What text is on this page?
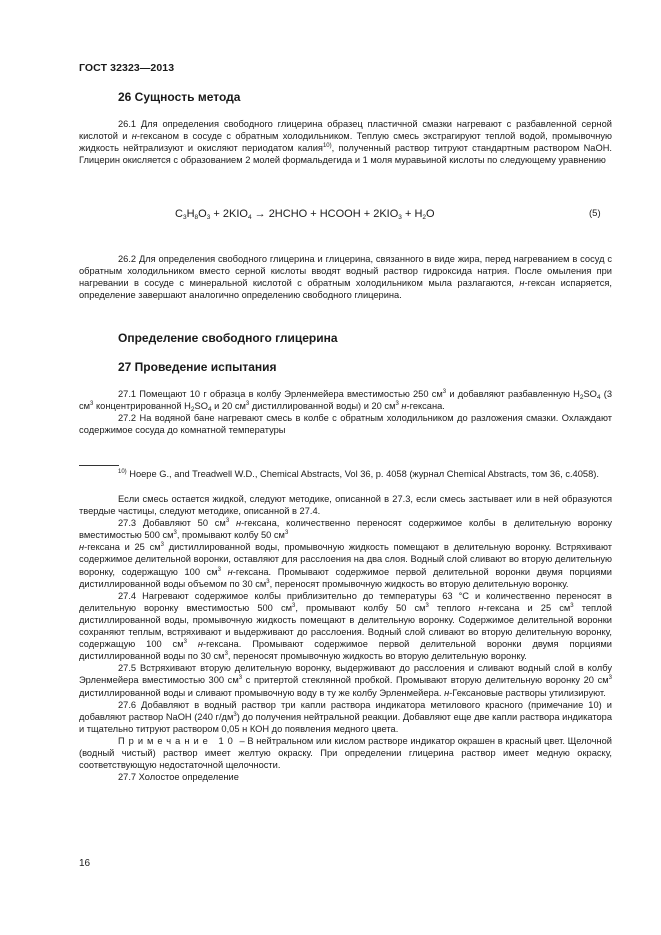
ГОСТ 32323—2013
26 Сущность метода

26.1 Для определения свободного глицерина образец пластичной смазки нагревают с разбавленной серной кислотой и н-гексаном в сосуде с обратным холодильником. Теплую смесь экстрагируют теплой водой, промывочную жидкость нейтрализуют и окисляют периодатом калия$^{10)}$, полученный раствор титруют стандартным раствором NaOH. Глицерин окисляется с образованием 2 молей формальдегида и 1 моля муравьиной кислоты по следующему уравнению

$C_3H_8O_3 + 2KIO_4$ → 2HCHO + HCOOH + $2KIO_3 + H_2O$	(5)

26.2 Для определения свободного глицерина и глицерина, связанного в виде жира, перед нагреванием в сосуд с обратным холодильником вместо серной кислоты вводят водный раствор гидроксида натрия. После омыления при нагревании в сосуде с минеральной кислотой с обратным холодильником мыла разлагаются, н-гексан испаряется, определение завершают аналогично определению свободного глицерина.

Определение свободного глицерина
27 Проведение испытания

27.1 Помещают 10 г образца в колбу Эрленмейера вместимостью 250 $см^3$ и добавляют разбавленную $H_2SO_4$ (3 $см^3$ концентрированной $H_2SO_4$ и 20 $см^3$ дистиллированной воды) и 20 $см^3$ н-гексана.

27.2 На водяной бане нагревают смесь в колбе с обратным холодильником до разложения смазки. Охлаждают содержимое сосуда до комнатной температуры

$^{10)}$ Hoepe G., and Treadwell W.D., Chemical Abstracts, Vol 36, p. 4058 (журнал Chemical Abstracts, том 36, с.4058).

Если смесь остается жидкой, следуют методике, описанной в 27.3, если смесь застывает или в ней образуются твердые частицы, следуют методике, описанной в 27.4.

27.3 Добавляют 50 $см^3$ н-гексана, количественно переносят содержимое колбы в делительную воронку вместимостью 500 $см^3$, промывают колбу 50 $см^3$

н-гексана и 25 $см^3$ дистиллированной воды, промывочную жидкость помещают в делительную воронку. Встряхивают содержимое делительной воронки, оставляют для расслоения на два слоя. Водный слой сливают во вторую делительную воронку, содержащую 100 $см^3$ н-гексана. Промывают содержимое первой делительной воронки двумя порциями дистиллированной воды объемом по 30 $см^3$, переносят промывочную жидкость во вторую делительную воронку.

27.4 Нагревают содержимое колбы приблизительно до температуры 63 °С и количественно переносят в делительную воронку вместимостью 500 $см^3$, промывают колбу 50 $см^3$ теплого н-гексана и 25 $см^3$ теплой дистиллированной воды, промывочную жидкость помещают в делительную воронку. Содержимое делительной воронки сохраняют теплым, встряхивают и выдерживают до расслоения. Водный слой сливают во вторую делительную воронку, содержащую 100 $см^3$ н-гексана. Промывают содержимое первой делительной воронки двумя порциями дистиллированной воды по 30 $см^3$, переносят промывочную жидкость во вторую делительную воронку.

27.5 Встряхивают вторую делительную воронку, выдерживают до расслоения и сливают водный слой в колбу Эрленмейера вместимостью 300 $см^3$ с притертой стеклянной пробкой. Промывают вторую делительную воронку 20 $см^3$ дистиллированной воды и сливают промывочную воду в ту же колбу Эрленмейера. н-Гексановые растворы утилизируют.

27.6 Добавляют в водный раствор три капли раствора индикатора метилового красного (примечание 10) и добавляют раствор NaOH (240 $г/дм^3$) до получения нейтральной реакции. Добавляют еще две капли раствора индикатора и тщательно титруют раствором 0,05 н КОН до появления медного цвета.

Примечание 10 – В нейтральном или кислом растворе индикатор окрашен в красный цвет. Щелочной (водный чистый) раствор имеет желтую окраску. При определении глицерина раствор имеет медную окраску, соответствующую недостаточной щелочности.

27.7 Холостое определение

16
